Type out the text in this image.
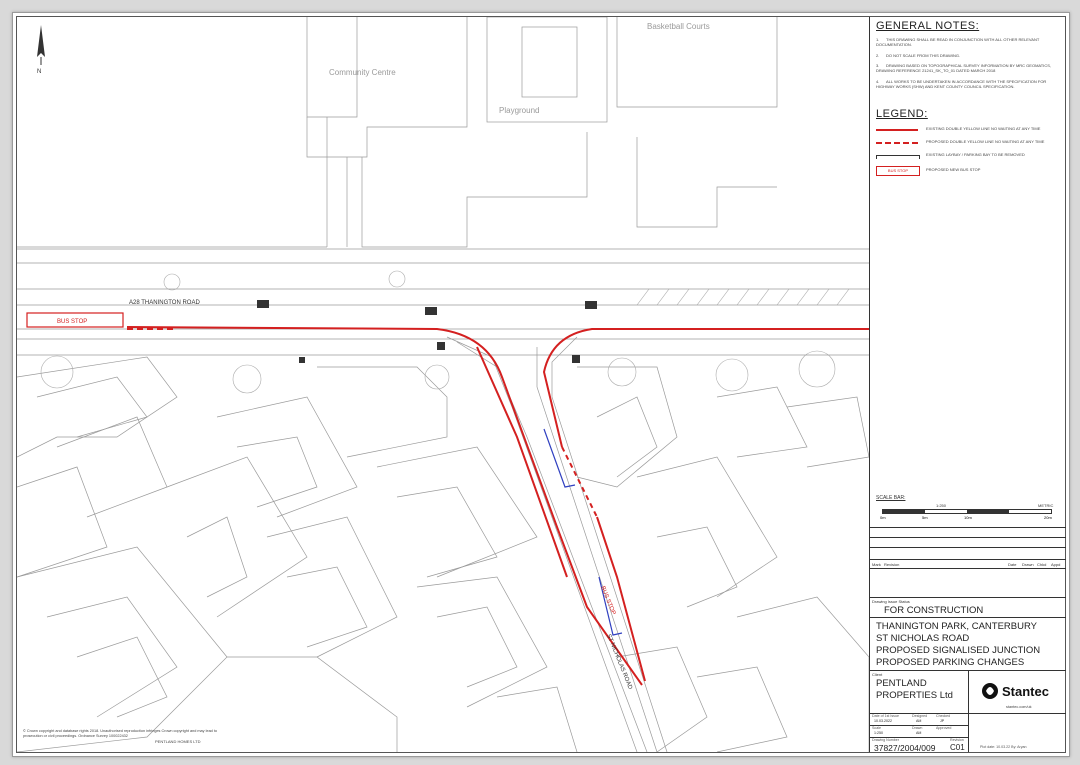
BUS STOP
BUS STOP
Community Centre
Playground
Basketball Courts
A28 THANINGTON ROAD
ST NICHOLAS ROAD
N
© Crown copyright and database rights 2018. Unauthorised reproduction infringes Crown copyright and may lead to prosecution or civil proceedings. Ordnance Survey 100022432
PENTLAND HOMES LTD
GENERAL NOTES:
1. THIS DRAWING SHALL BE READ IN CONJUNCTION WITH ALL OTHER RELEVANT DOCUMENTATION.
2. DO NOT SCALE FROM THIS DRAWING.
3. DRAWING BASED ON TOPOGRAPHICAL SURVEY INFORMATION BY MRC GEOMATICS, DRAWING REFERENCE 21241_SK_TO_01 DATED MARCH 2018
4. ALL WORKS TO BE UNDERTAKEN IN ACCORDANCE WITH THE SPECIFICATION FOR HIGHWAY WORKS (SHW) AND KENT COUNTY COUNCIL SPECIFICATION.
LEGEND:
EXISTING DOUBLE YELLOW LINE NO WAITING AT ANY TIME
PROPOSED DOUBLE YELLOW LINE NO WAITING AT ANY TIME
EXISTING LAYBAY / PARKING BAY TO BE REMOVED
BUS STOP	PROPOSED NEW BUS STOP
SCALE BAR:
1:250	METRIC
0m	5m	10m	20m
Mark Revision	Date Drawn Chkd Appd
Drawing Issue Status
FOR CONSTRUCTION
THANINGTON PARK, CANTERBURY
ST NICHOLAS ROAD
PROPOSED SIGNALISED JUNCTION
PROPOSED PARKING CHANGES
Client
PENTLAND PROPERTIES Ltd	Stantec
stantec.com/uk
Date of 1st Issue
10.03.2022
Designed
AM
Checked
JP
Scale
1:250
Drawn
AM
Approved
Drawing Number
37827/2004/009
Revision
C01	Plot date: 10.03.22 By: Aryan
